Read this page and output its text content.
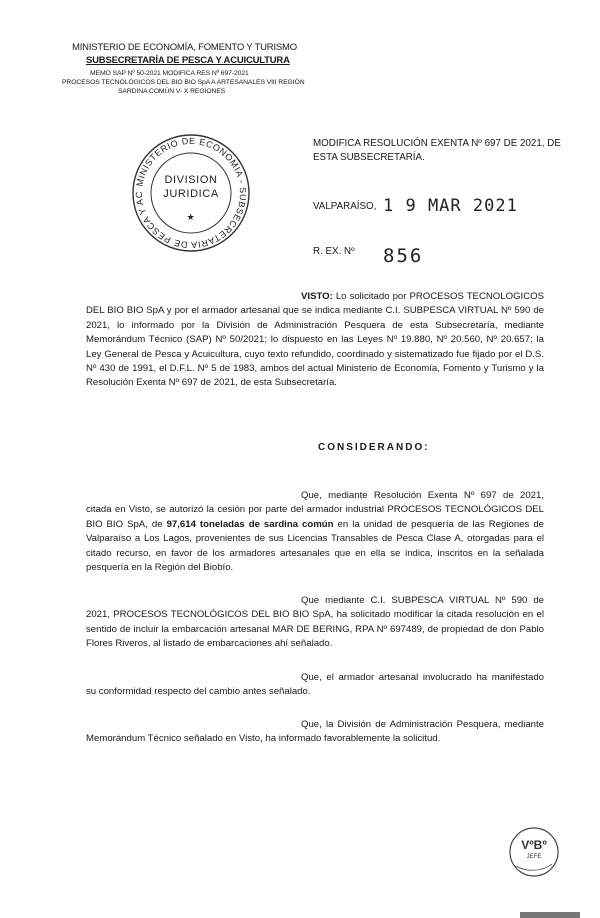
MINISTERIO DE ECONOMÍA, FOMENTO Y TURISMO
SUBSECRETARÍA DE PESCA Y ACUICULTURA
MEMO SAP Nº 50-2021 MODIFICA RES Nº 697-2021
PROCESOS TECNOLÓGICOS DEL BIO BIO SpA A ARTESANALES VIII REGIÓN
SARDINA COMÚN V- X REGIONES
MINISTERIO DE ECONOMIA - SUBSECRETARIA DE PESCA Y AC
DIVISION
JURIDICA
★
MODIFICA RESOLUCIÓN EXENTA Nº 697 DE 2021, DE
ESTA SUBSECRETARÍA.
VALPARAÍSO, 1 9 MAR 2021
R. EX. Nº 856
VISTO: Lo solicitado por PROCESOS TECNOLOGICOS DEL BIO BIO SpA y por el armador artesanal que se indica mediante C.I. SUBPESCA VIRTUAL Nº 590 de 2021, lo informado por la División de Administración Pesquera de esta Subsecretaría, mediante Memorándum Técnico (SAP) Nº 50/2021; lo dispuesto en las Leyes Nº 19.880, Nº 20.560, Nº 20.657; la Ley General de Pesca y Acuicultura, cuyo texto refundido, coordinado y sistematizado fue fijado por el D.S. Nº 430 de 1991, el D.F.L. Nº 5 de 1983, ambos del actual Ministerio de Economía, Fomento y Turismo y la Resolución Exenta Nº 697 de 2021, de esta Subsecretaría.
CONSIDERANDO:
Que, mediante Resolución Exenta Nº 697 de 2021, citada en Visto, se autorizó la cesión por parte del armador industrial PROCESOS TECNOLÓGICOS DEL BIO BIO SpA, de 97,614 toneladas de sardina común en la unidad de pesquería de las Regiones de Valparaíso a Los Lagos, provenientes de sus Licencias Transables de Pesca Clase A, otorgadas para el citado recurso, en favor de los armadores artesanales que en ella se indica, inscritos en la señalada pesquería en la Región del Biobío.
Que mediante C.I. SUBPESCA VIRTUAL Nº 590 de 2021, PROCESOS TECNOLÓGICOS DEL BIO BIO SpA, ha solicitado modificar la citada resolución en el sentido de incluir la embarcación artesanal MAR DE BERING, RPA Nº 697489, de propiedad de don Pablo Flores Riveros, al listado de embarcaciones ahí señalado.
Que, el armador artesanal involucrado ha manifestado su conformidad respecto del cambio antes señalado.
Que, la División de Administración Pesquera, mediante Memorándum Técnico señalado en Visto, ha informado favorablemente la solicitud.
VºBº
JEFE
